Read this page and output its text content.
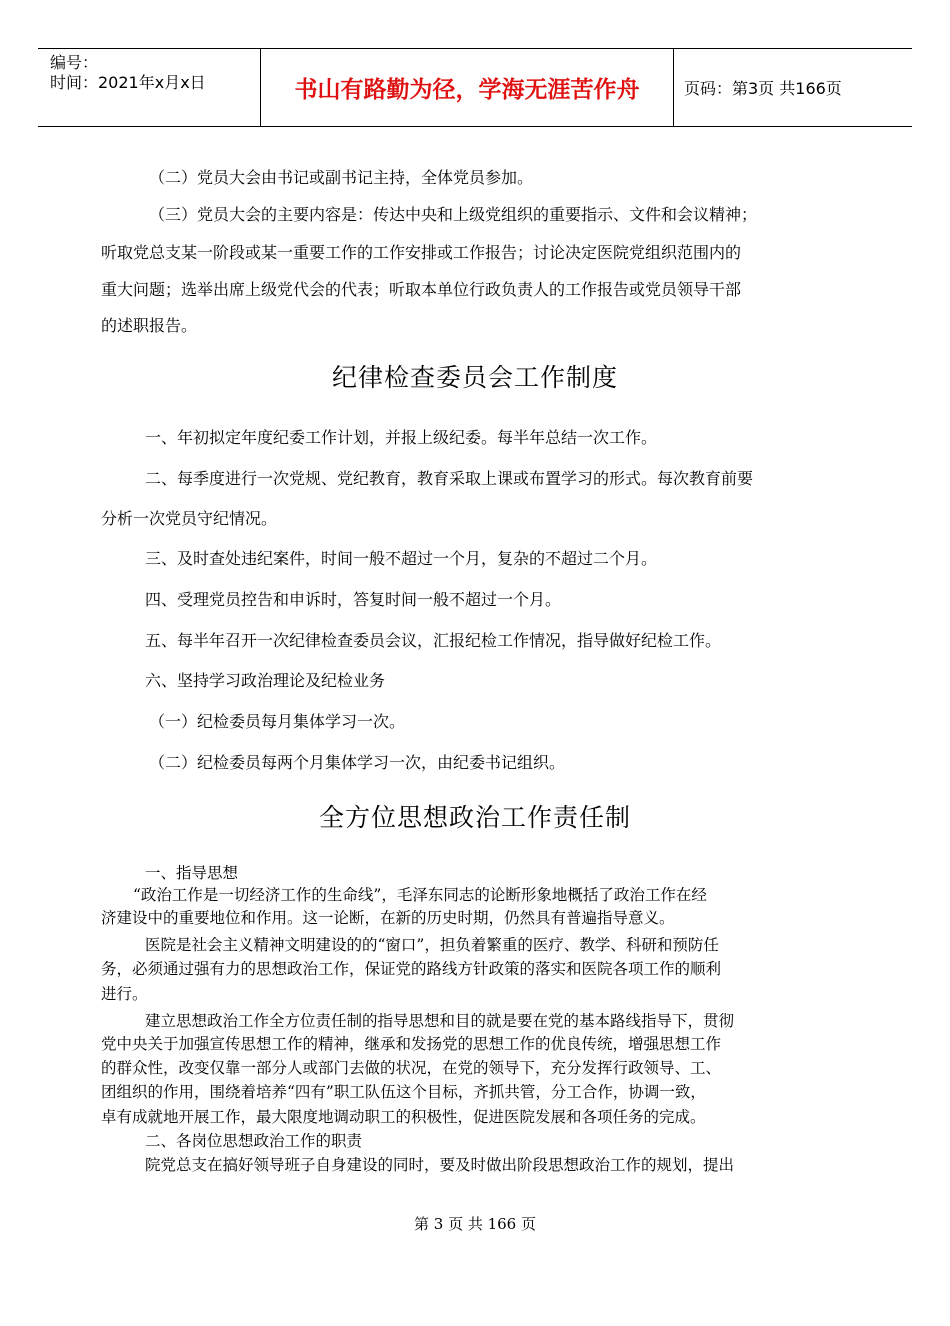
编号：
时间：2021年x月x日	书山有路勤为径，学海无涯苦作舟	页码：第3页 共166页
（二）党员大会由书记或副书记主持，全体党员参加。
（三）党员大会的主要内容是：传达中央和上级党组织的重要指示、文件和会议精神；
听取党总支某一阶段或某一重要工作的工作安排或工作报告；讨论决定医院党组织范围内的
重大问题；选举出席上级党代会的代表；听取本单位行政负责人的工作报告或党员领导干部
的述职报告。
纪律检查委员会工作制度
一、年初拟定年度纪委工作计划，并报上级纪委。每半年总结一次工作。
二、每季度进行一次党规、党纪教育，教育采取上课或布置学习的形式。每次教育前要
分析一次党员守纪情况。
三、及时查处违纪案件，时间一般不超过一个月，复杂的不超过二个月。
四、受理党员控告和申诉时，答复时间一般不超过一个月。
五、每半年召开一次纪律检查委员会议，汇报纪检工作情况，指导做好纪检工作。
六、坚持学习政治理论及纪检业务
（一）纪检委员每月集体学习一次。
（二）纪检委员每两个月集体学习一次，由纪委书记组织。
全方位思想政治工作责任制
一、指导思想
“政治工作是一切经济工作的生命线”，毛泽东同志的论断形象地概括了政治工作在经
济建设中的重要地位和作用。这一论断，在新的历史时期，仍然具有普遍指导意义。
医院是社会主义精神文明建设的的“窗口”，担负着繁重的医疗、教学、科研和预防任
务，必须通过强有力的思想政治工作，保证党的路线方针政策的落实和医院各项工作的顺利
进行。
建立思想政治工作全方位责任制的指导思想和目的就是要在党的基本路线指导下，贯彻
党中央关于加强宣传思想工作的精神，继承和发扬党的思想工作的优良传统，增强思想工作
的群众性，改变仅靠一部分人或部门去做的状况，在党的领导下，充分发挥行政领导、工、
团组织的作用，围绕着培养“四有”职工队伍这个目标，齐抓共管，分工合作，协调一致，
卓有成就地开展工作，最大限度地调动职工的积极性，促进医院发展和各项任务的完成。
二、各岗位思想政治工作的职责
院党总支在搞好领导班子自身建设的同时，要及时做出阶段思想政治工作的规划，提出
第 3 页 共 166 页
